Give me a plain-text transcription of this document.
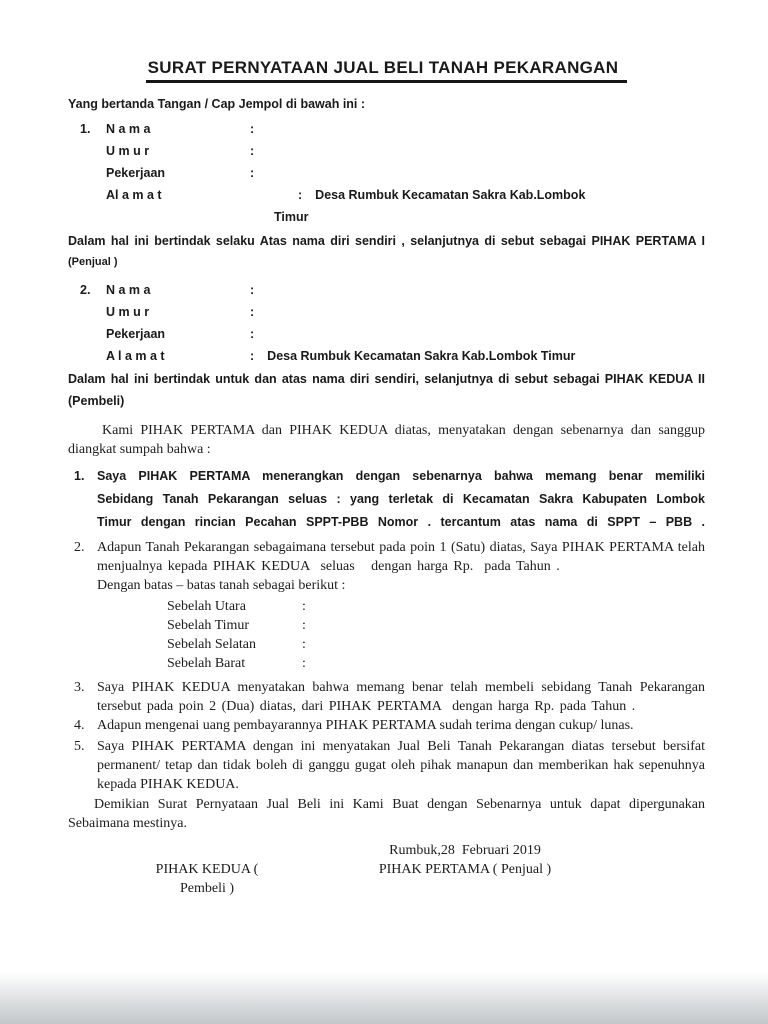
SURAT PERNYATAAN JUAL BELI TANAH PEKARANGAN
Yang bertanda Tangan / Cap Jempol di bawah ini :
1.	N a m a	:
U m u r	:
Pekerjaan	:
Al a m a t	: Desa Rumbuk Kecamatan Sakra Kab.Lombok
Timur
Dalam hal ini bertindak selaku Atas nama diri sendiri , selanjutnya di sebut sebagai PIHAK PERTAMA I
(Penjual )
2.	N a m a	:
U m u r	:
Pekerjaan	:
A l a m a t	: Desa Rumbuk Kecamatan Sakra Kab.Lombok Timur
Dalam hal ini bertindak untuk dan atas nama diri sendiri, selanjutnya di sebut sebagai PIHAK KEDUA II
(Pembeli)
Kami PIHAK PERTAMA dan PIHAK KEDUA diatas, menyatakan dengan sebenarnya dan sanggup
diangkat sumpah bahwa :
1.	Saya PIHAK PERTAMA menerangkan dengan sebenarnya bahwa memang benar memiliki
Sebidang Tanah Pekarangan seluas : yang terletak di Kecamatan Sakra Kabupaten Lombok
Timur dengan rincian Pecahan SPPT-PBB Nomor . tercantum atas nama di SPPT – PBB .
2. Adapun Tanah Pekarangan sebagaimana tersebut pada poin 1 (Satu) diatas, Saya PIHAK PERTAMA telah
menjualnya kepada PIHAK KEDUA  seluas   dengan harga Rp.  pada Tahun .
Dengan batas – batas tanah sebagai berikut :
Sebelah Utara	:
Sebelah Timur	:
Sebelah Selatan	:
Sebelah Barat	:
3. Saya PIHAK KEDUA menyatakan bahwa memang benar telah membeli sebidang Tanah Pekarangan
tersebut pada poin 2 (Dua) diatas, dari PIHAK PERTAMA  dengan harga Rp. pada Tahun .
4. Adapun mengenai uang pembayarannya PIHAK PERTAMA sudah terima dengan cukup/ lunas.
5. Saya PIHAK PERTAMA dengan ini menyatakan Jual Beli Tanah Pekarangan diatas tersebut bersifat
permanent/ tetap dan tidak boleh di ganggu gugat oleh pihak manapun dan memberikan hak sepenuhnya
kepada PIHAK KEDUA.
Demikian Surat Pernyataan Jual Beli ini Kami Buat dengan Sebenarnya untuk dapat dipergunakan
Sebaimana mestinya.
PIHAK KEDUA ( Pembeli )
Rumbuk,28  Februari 2019
PIHAK PERTAMA ( Penjual )
